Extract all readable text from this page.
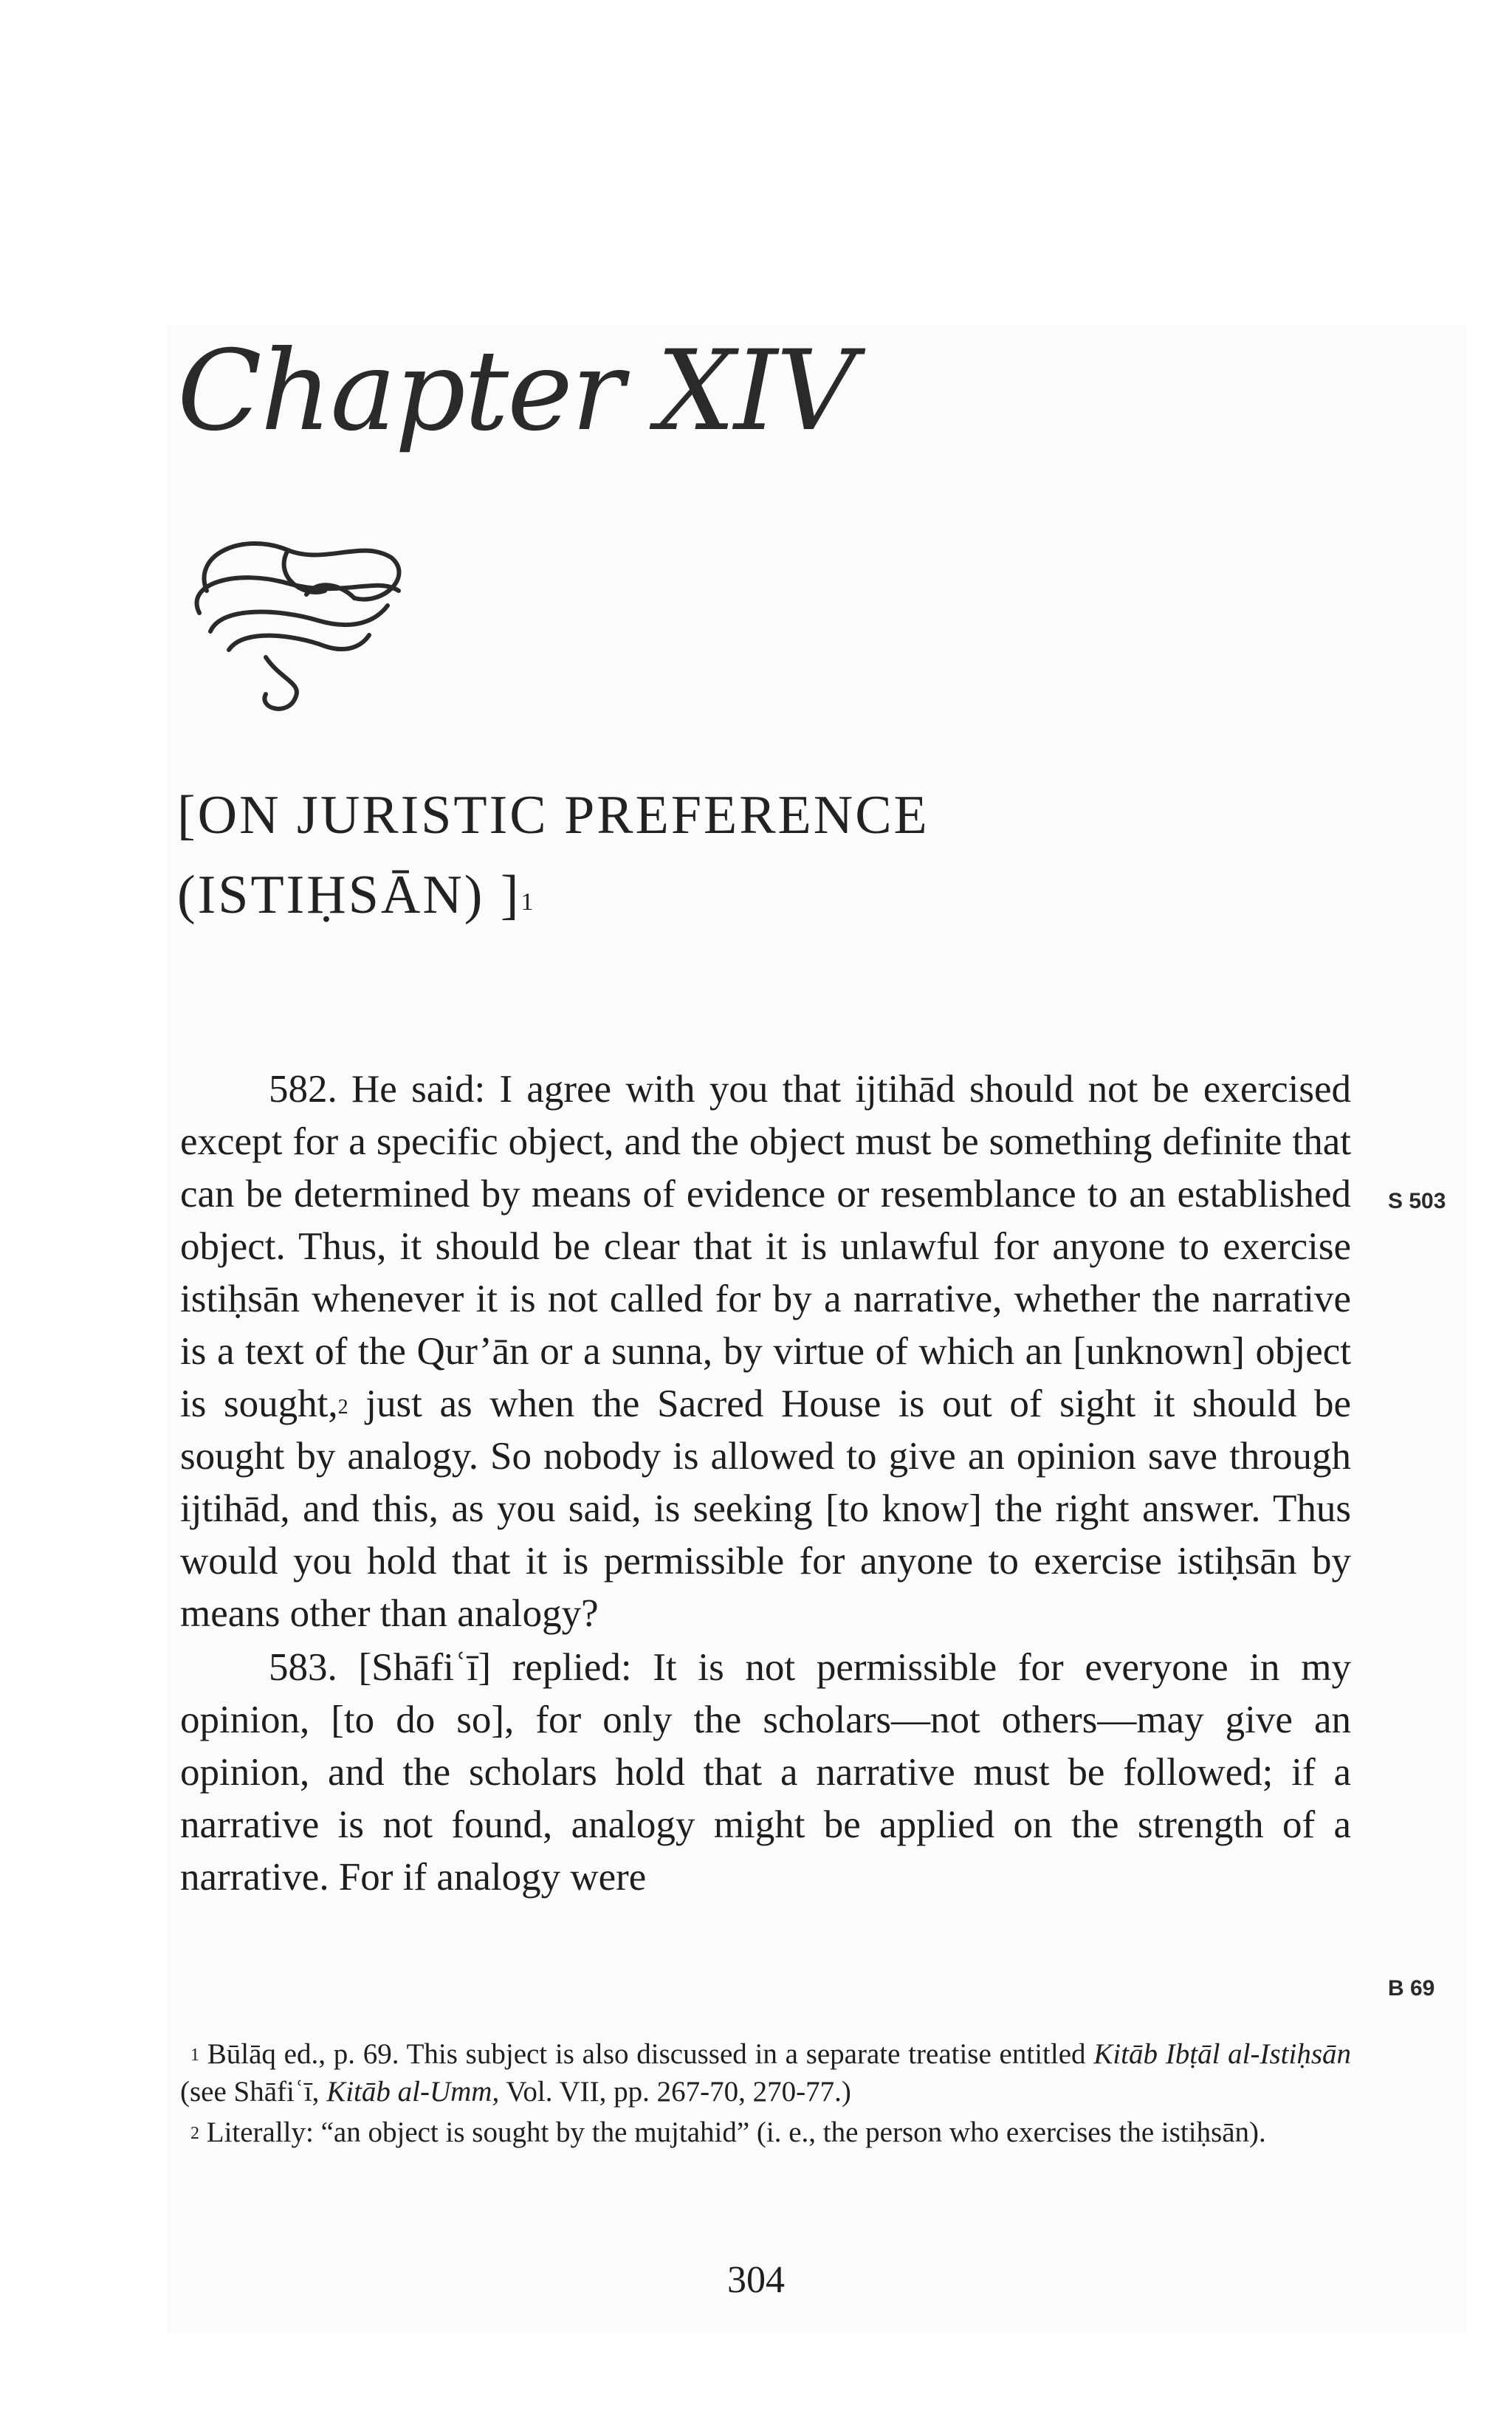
Chapter XIV
[ON JURISTIC PREFERENCE
(ISTIḤSĀN) ]$^1$

582. He said: I agree with you that ijtihād should not be exercised except for a specific object, and the object must be something definite that can be determined by means of evidence or resemblance to an established object. Thus, it should be clear that it is unlawful for anyone to exercise istiḥsān whenever it is not called for by a narrative, whether the narrative is a text of the Qur’ān or a sunna, by virtue of which an [unknown] object is sought,$^2$ just as when the Sacred House is out of sight it should be sought by analogy. So nobody is allowed to give an opinion save through ijtihād, and this, as you said, is seeking [to know] the right answer. Thus would you hold that it is permissible for anyone to exercise istiḥsān by means other than analogy?

583. [Shāfiʿī] replied: It is not permissible for everyone in my opinion, [to do so], for only the scholars—not others—may give an opinion, and the scholars hold that a narrative must be followed; if a narrative is not found, analogy might be applied on the strength of a narrative. For if analogy were

S 503
B 69

$^1$ Būlāq ed., p. 69. This subject is also discussed in a separate treatise entitled Kitāb Ibṭāl al-Istiḥsān (see Shāfiʿī, Kitāb al-Umm, Vol. VII, pp. 267-70, 270-77.)

$^2$ Literally: “an object is sought by the mujtahid” (i. e., the person who exercises the istiḥsān).

304
